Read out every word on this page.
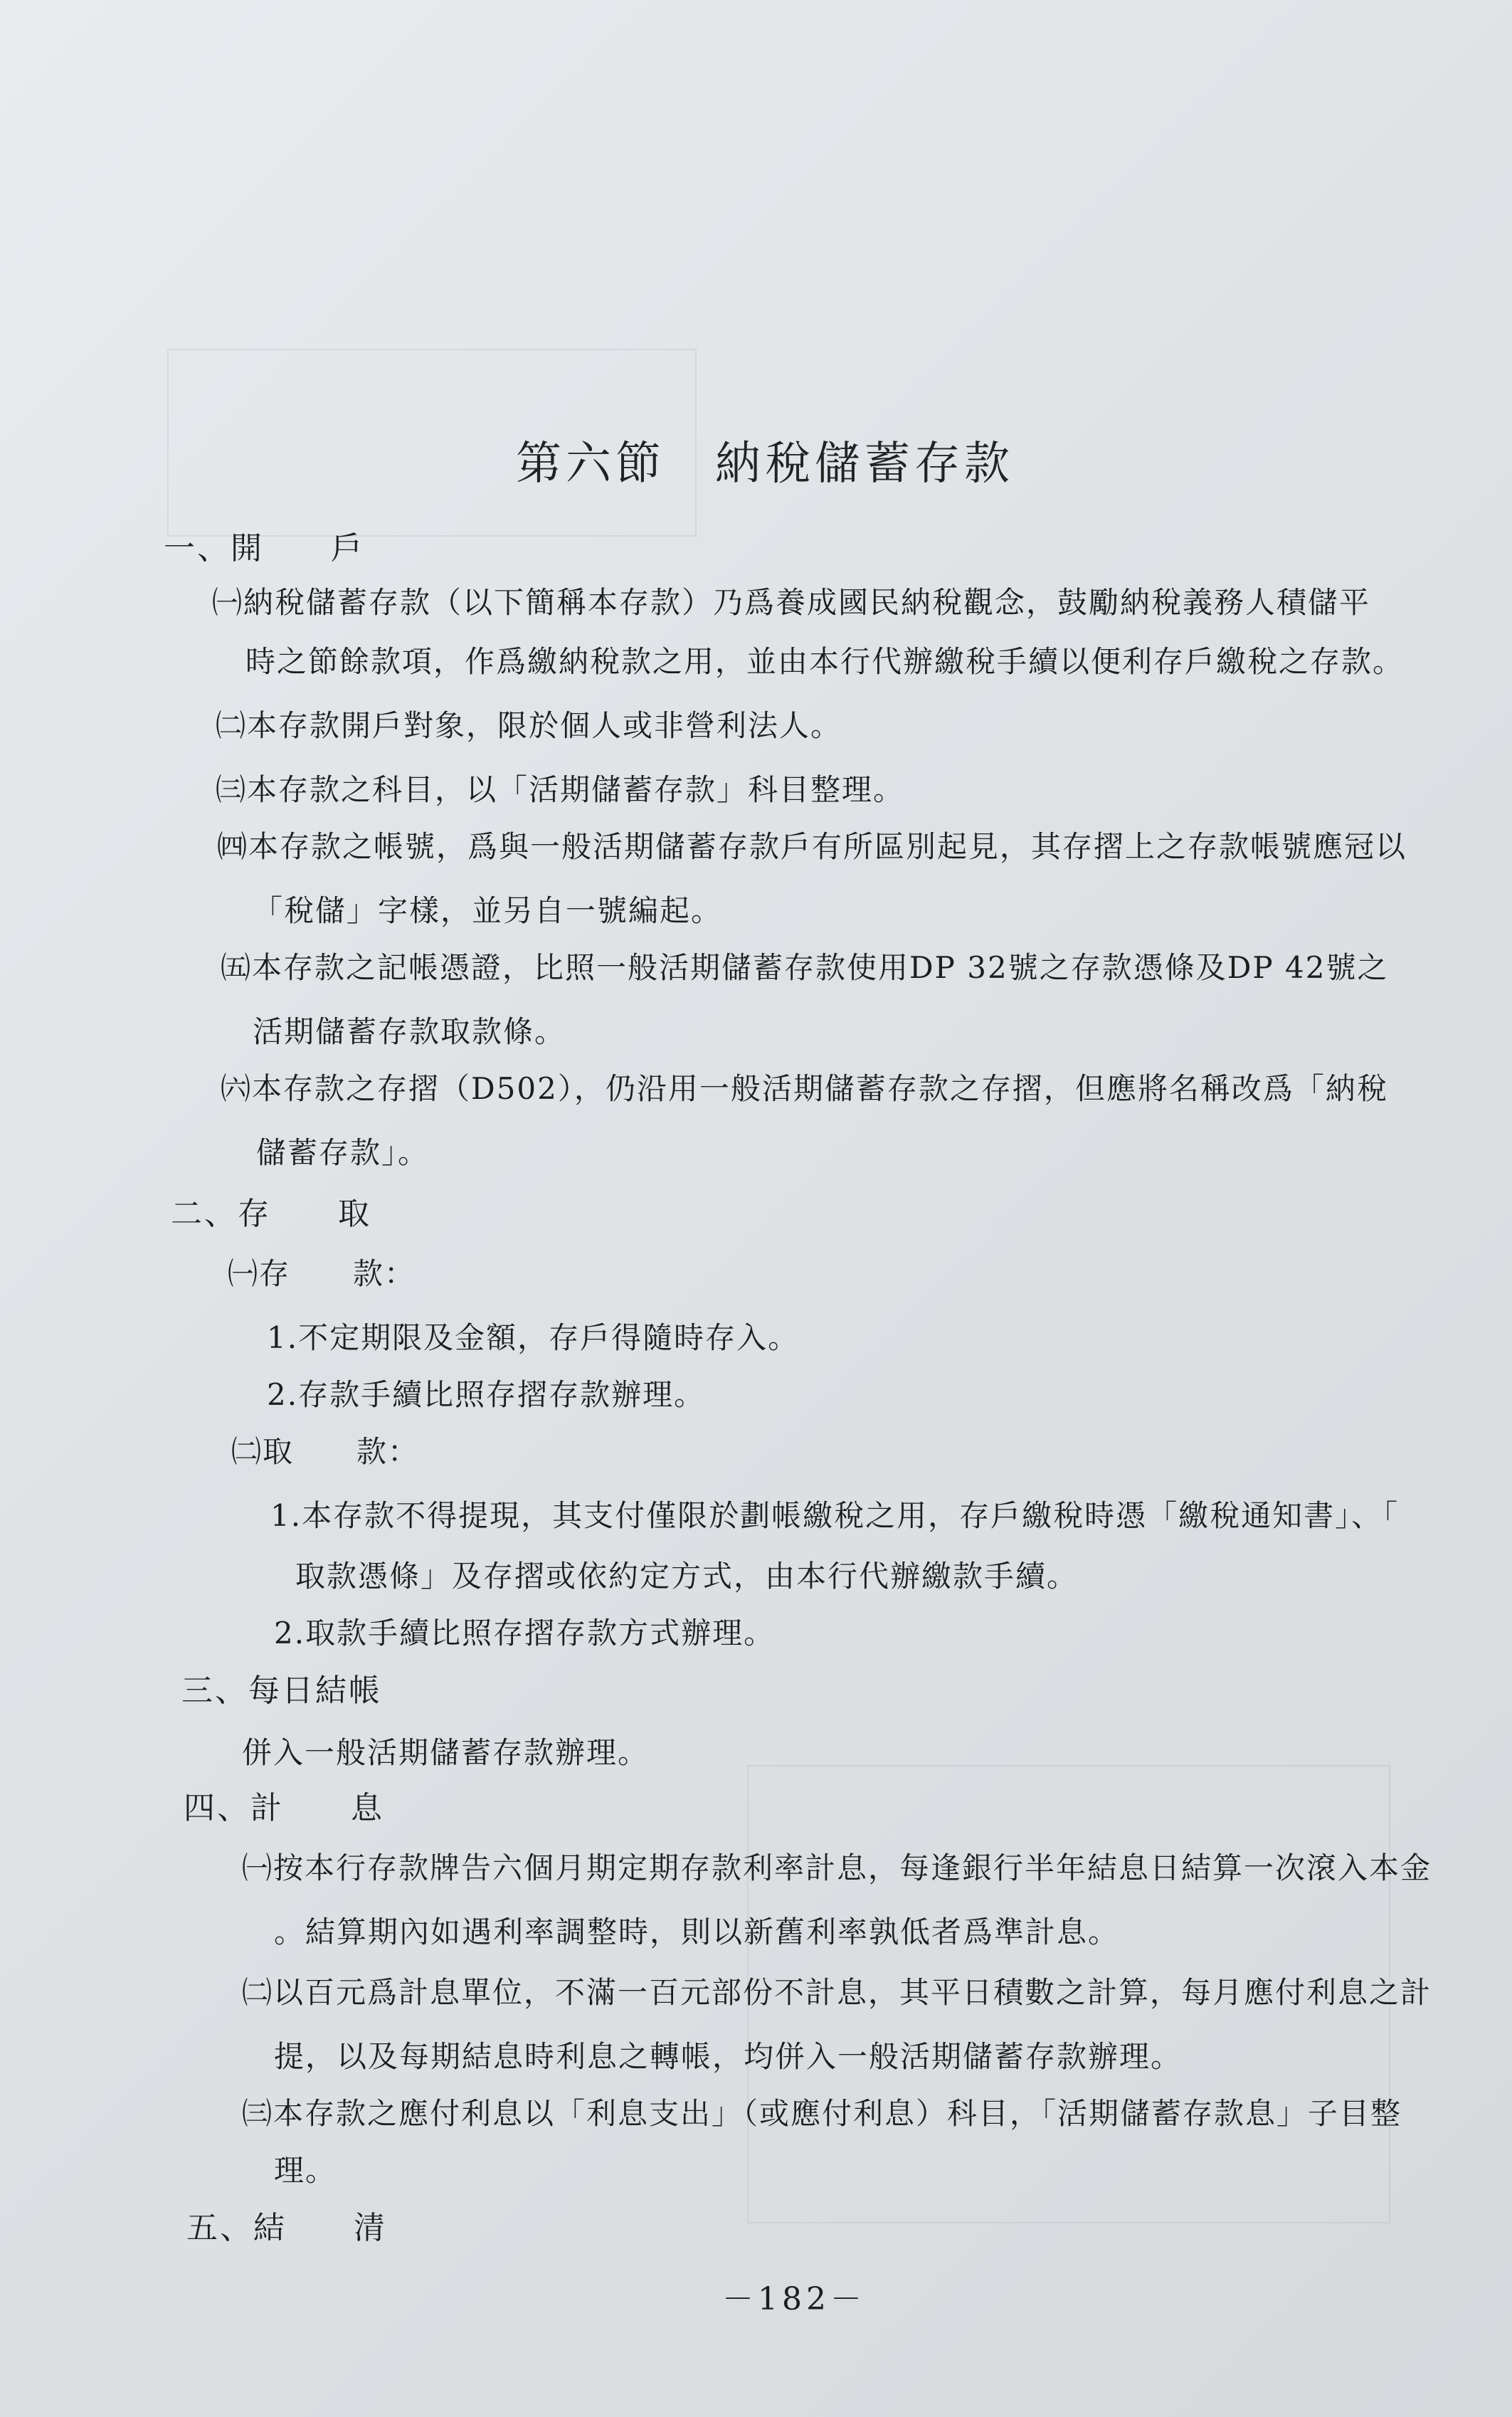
第六節　納稅儲蓄存款
一、開　　戶
㈠納稅儲蓄存款（以下簡稱本存款）乃爲養成國民納稅觀念，鼓勵納稅義務人積儲平
時之節餘款項，作爲繳納稅款之用，並由本行代辦繳稅手續以便利存戶繳稅之存款。
㈡本存款開戶對象，限於個人或非營利法人。
㈢本存款之科目，以「活期儲蓄存款」科目整理。
㈣本存款之帳號，爲與一般活期儲蓄存款戶有所區別起見，其存摺上之存款帳號應冠以
「稅儲」字樣，並另自一號編起。
㈤本存款之記帳憑證，比照一般活期儲蓄存款使用DP 32號之存款憑條及DP 42號之
活期儲蓄存款取款條。
㈥本存款之存摺（D502），仍沿用一般活期儲蓄存款之存摺，但應將名稱改爲「納稅
儲蓄存款」。
二、存　　取
㈠存　　款：
1.不定期限及金額，存戶得隨時存入。
2.存款手續比照存摺存款辦理。
㈡取　　款：
1.本存款不得提現，其支付僅限於劃帳繳稅之用，存戶繳稅時憑「繳稅通知書」、「
取款憑條」及存摺或依約定方式，由本行代辦繳款手續。
2.取款手續比照存摺存款方式辦理。
三、每日結帳
併入一般活期儲蓄存款辦理。
四、計　　息
㈠按本行存款牌告六個月期定期存款利率計息，每逢銀行半年結息日結算一次滾入本金
。結算期內如遇利率調整時，則以新舊利率孰低者爲準計息。
㈡以百元爲計息單位，不滿一百元部份不計息，其平日積數之計算，每月應付利息之計
提，以及每期結息時利息之轉帳，均併入一般活期儲蓄存款辦理。
㈢本存款之應付利息以「利息支出」（或應付利息）科目，「活期儲蓄存款息」子目整
理。
五、結　　清
－182－
